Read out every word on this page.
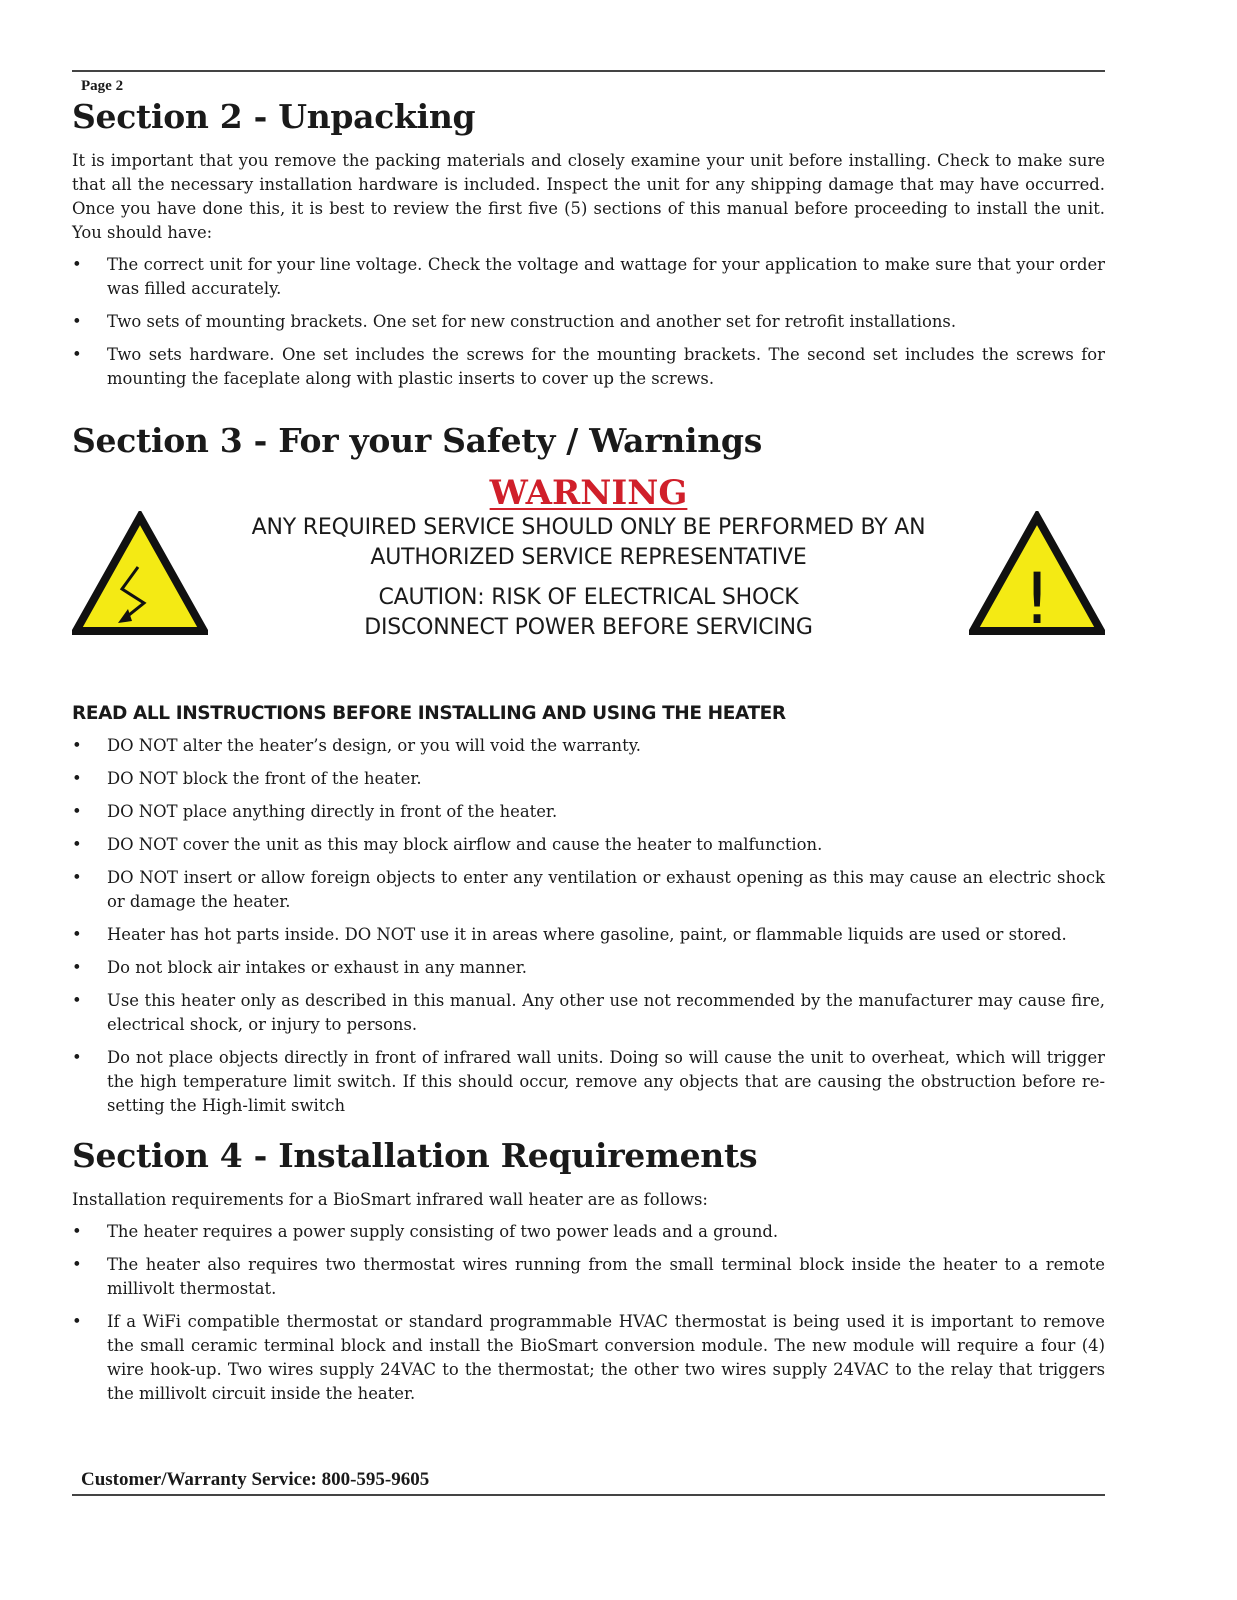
Page 2
Section 2 - Unpacking

It is important that you remove the packing materials and closely examine your unit before installing. Check to make sure that all the necessary installation hardware is included. Inspect the unit for any shipping damage that may have occurred. Once you have done this, it is best to review the first five (5) sections of this manual before proceeding to install the unit. You should have:

• The correct unit for your line voltage. Check the voltage and wattage for your application to make sure that your order was filled accurately.
• Two sets of mounting brackets. One set for new construction and another set for retrofit installations.
• Two sets hardware. One set includes the screws for the mounting brackets. The second set includes the screws for mounting the faceplate along with plastic inserts to cover up the screws.
Section 3 - For your Safety / Warnings
WARNING
ANY REQUIRED SERVICE SHOULD ONLY BE PERFORMED BY AN
AUTHORIZED SERVICE REPRESENTATIVE
CAUTION: RISK OF ELECTRICAL SHOCK
DISCONNECT POWER BEFORE SERVICING	!
READ ALL INSTRUCTIONS BEFORE INSTALLING AND USING THE HEATER
• DO NOT alter the heater’s design, or you will void the warranty.
• DO NOT block the front of the heater.
• DO NOT place anything directly in front of the heater.
• DO NOT cover the unit as this may block airflow and cause the heater to malfunction.
• DO NOT insert or allow foreign objects to enter any ventilation or exhaust opening as this may cause an electric shock or damage the heater.
• Heater has hot parts inside. DO NOT use it in areas where gasoline, paint, or flammable liquids are used or stored.
• Do not block air intakes or exhaust in any manner.
• Use this heater only as described in this manual. Any other use not recommended by the manufacturer may cause fire, electrical shock, or injury to persons.
• Do not place objects directly in front of infrared wall units. Doing so will cause the unit to overheat, which will trigger the high temperature limit switch. If this should occur, remove any objects that are causing the obstruction before re-setting the High-limit switch
Section 4 - Installation Requirements

Installation requirements for a BioSmart infrared wall heater are as follows:

• The heater requires a power supply consisting of two power leads and a ground.
• The heater also requires two thermostat wires running from the small terminal block inside the heater to a remote millivolt thermostat.
• If a WiFi compatible thermostat or standard programmable HVAC thermostat is being used it is important to remove the small ceramic terminal block and install the BioSmart conversion module. The new module will require a four (4) wire hook-up. Two wires supply 24VAC to the thermostat; the other two wires supply 24VAC to the relay that triggers the millivolt circuit inside the heater.
Customer/Warranty Service: 800-595-9605
